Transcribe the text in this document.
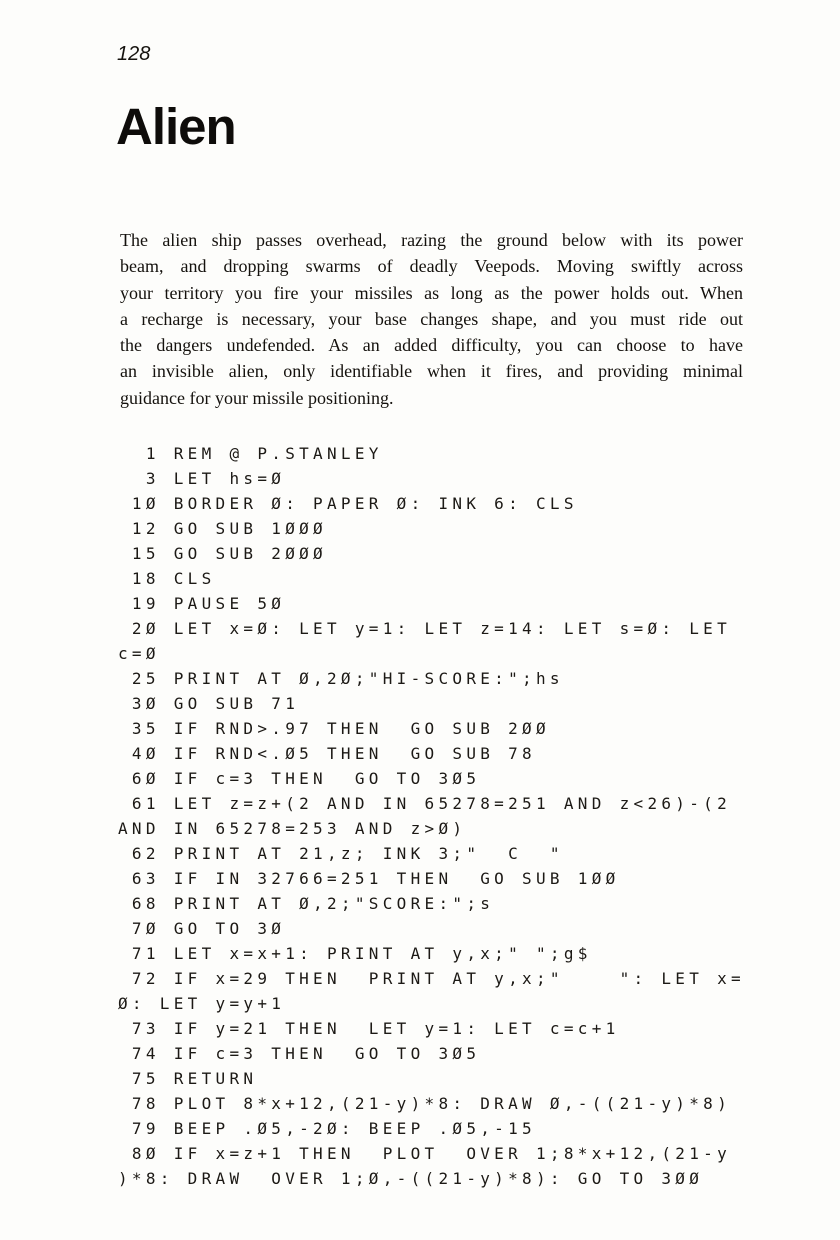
128
Alien
The alien ship passes overhead, razing the ground below with its power
beam, and dropping swarms of deadly Veepods. Moving swiftly across
your territory you fire your missiles as long as the power holds out. When
a recharge is necessary, your base changes shape, and you must ride out
the dangers undefended. As an added difficulty, you can choose to have
an invisible alien, only identifiable when it fires, and providing minimal
guidance for your missile positioning.
1 REM @ P.STANLEY
3 LET hs=Ø
1Ø BORDER Ø: PAPER Ø: INK 6: CLS
12 GO SUB 1ØØØ
15 GO SUB 2ØØØ
18 CLS
19 PAUSE 5Ø
2Ø LET x=Ø: LET y=1: LET z=14: LET s=Ø: LET
c=Ø
25 PRINT AT Ø,2Ø;"HI-SCORE:";hs
3Ø GO SUB 71
35 IF RND>.97 THEN  GO SUB 2ØØ
4Ø IF RND<.Ø5 THEN  GO SUB 78
6Ø IF c=3 THEN  GO TO 3Ø5
61 LET z=z+(2 AND IN 65278=251 AND z<26)-(2
AND IN 65278=253 AND z>Ø)
62 PRINT AT 21,z; INK 3;"  C  "
63 IF IN 32766=251 THEN  GO SUB 1ØØ
68 PRINT AT Ø,2;"SCORE:";s
7Ø GO TO 3Ø
71 LET x=x+1: PRINT AT y,x;" ";g$
72 IF x=29 THEN  PRINT AT y,x;"    ": LET x=
Ø: LET y=y+1
73 IF y=21 THEN  LET y=1: LET c=c+1
74 IF c=3 THEN  GO TO 3Ø5
75 RETURN
78 PLOT 8*x+12,(21-y)*8: DRAW Ø,-((21-y)*8)
79 BEEP .Ø5,-2Ø: BEEP .Ø5,-15
8Ø IF x=z+1 THEN  PLOT  OVER 1;8*x+12,(21-y
)*8: DRAW  OVER 1;Ø,-((21-y)*8): GO TO 3ØØ
